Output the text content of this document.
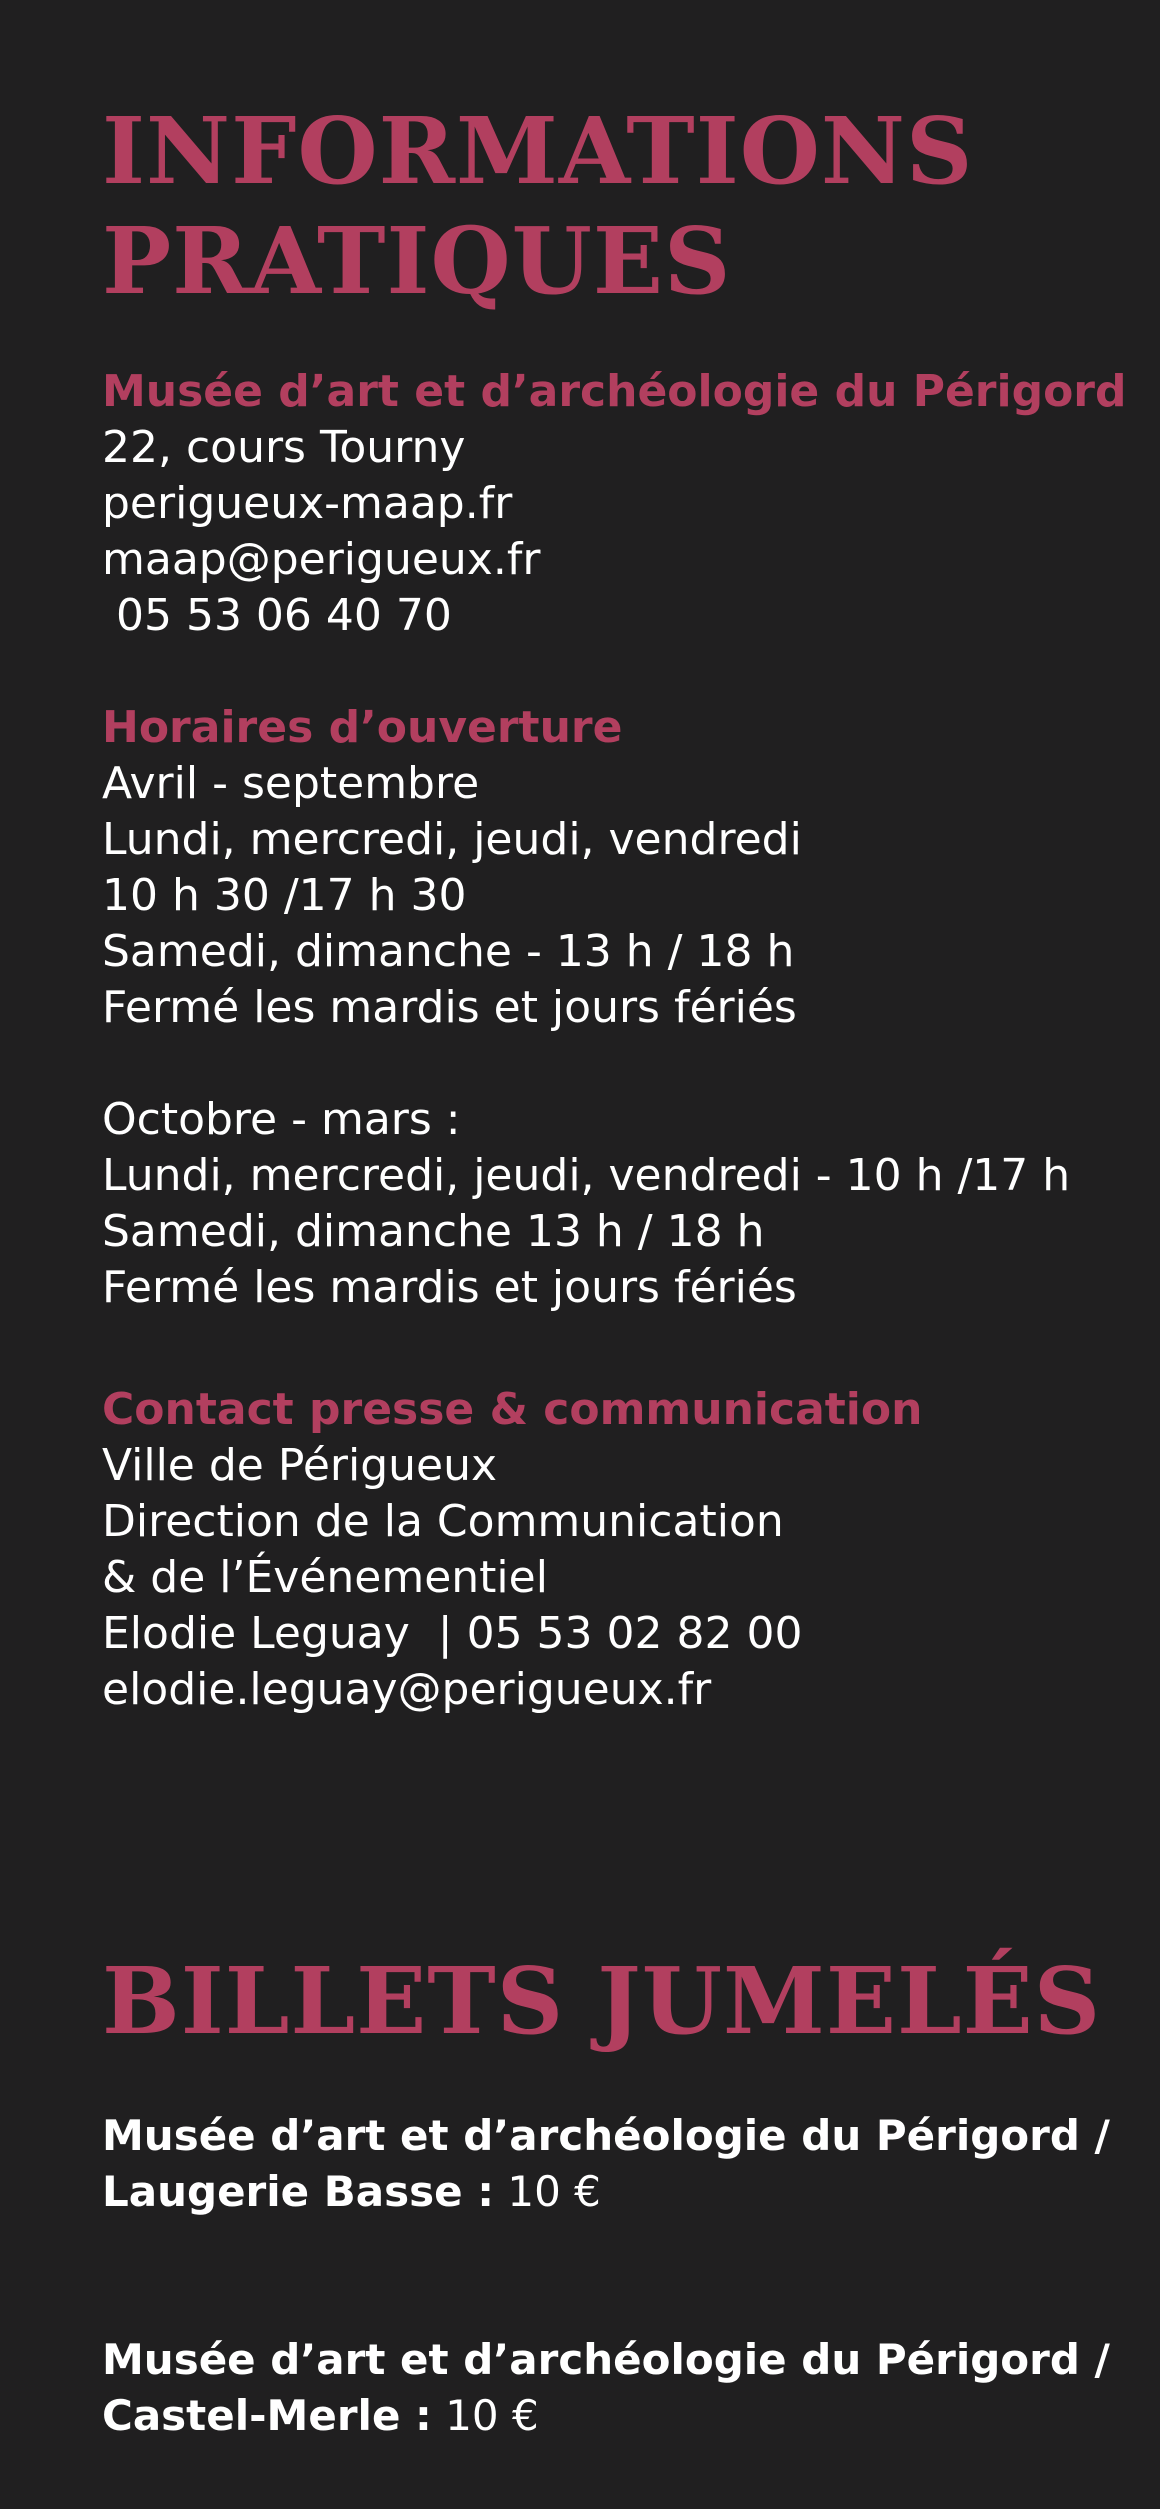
INFORMATIONS
PRATIQUES
Musée d’art et d’archéologie du Périgord
22, cours Tourny
perigueux-maap.fr
maap@perigueux.fr
05 53 06 40 70
Horaires d’ouverture
Avril - septembre
Lundi, mercredi, jeudi, vendredi
10 h 30 /17 h 30
Samedi, dimanche - 13 h / 18 h
Fermé les mardis et jours fériés
Octobre - mars :
Lundi, mercredi, jeudi, vendredi - 10 h /17 h
Samedi, dimanche 13 h / 18 h
Fermé les mardis et jours fériés
Contact presse & communication
Ville de Périgueux
Direction de la Communication
& de l’Événementiel
Elodie Leguay  | 05 53 02 82 00
elodie.leguay@perigueux.fr
BILLETS JUMELÉS
Musée d’art et d’archéologie du Périgord /
Laugerie Basse : 10 €
Musée d’art et d’archéologie du Périgord /
Castel-Merle : 10 €
